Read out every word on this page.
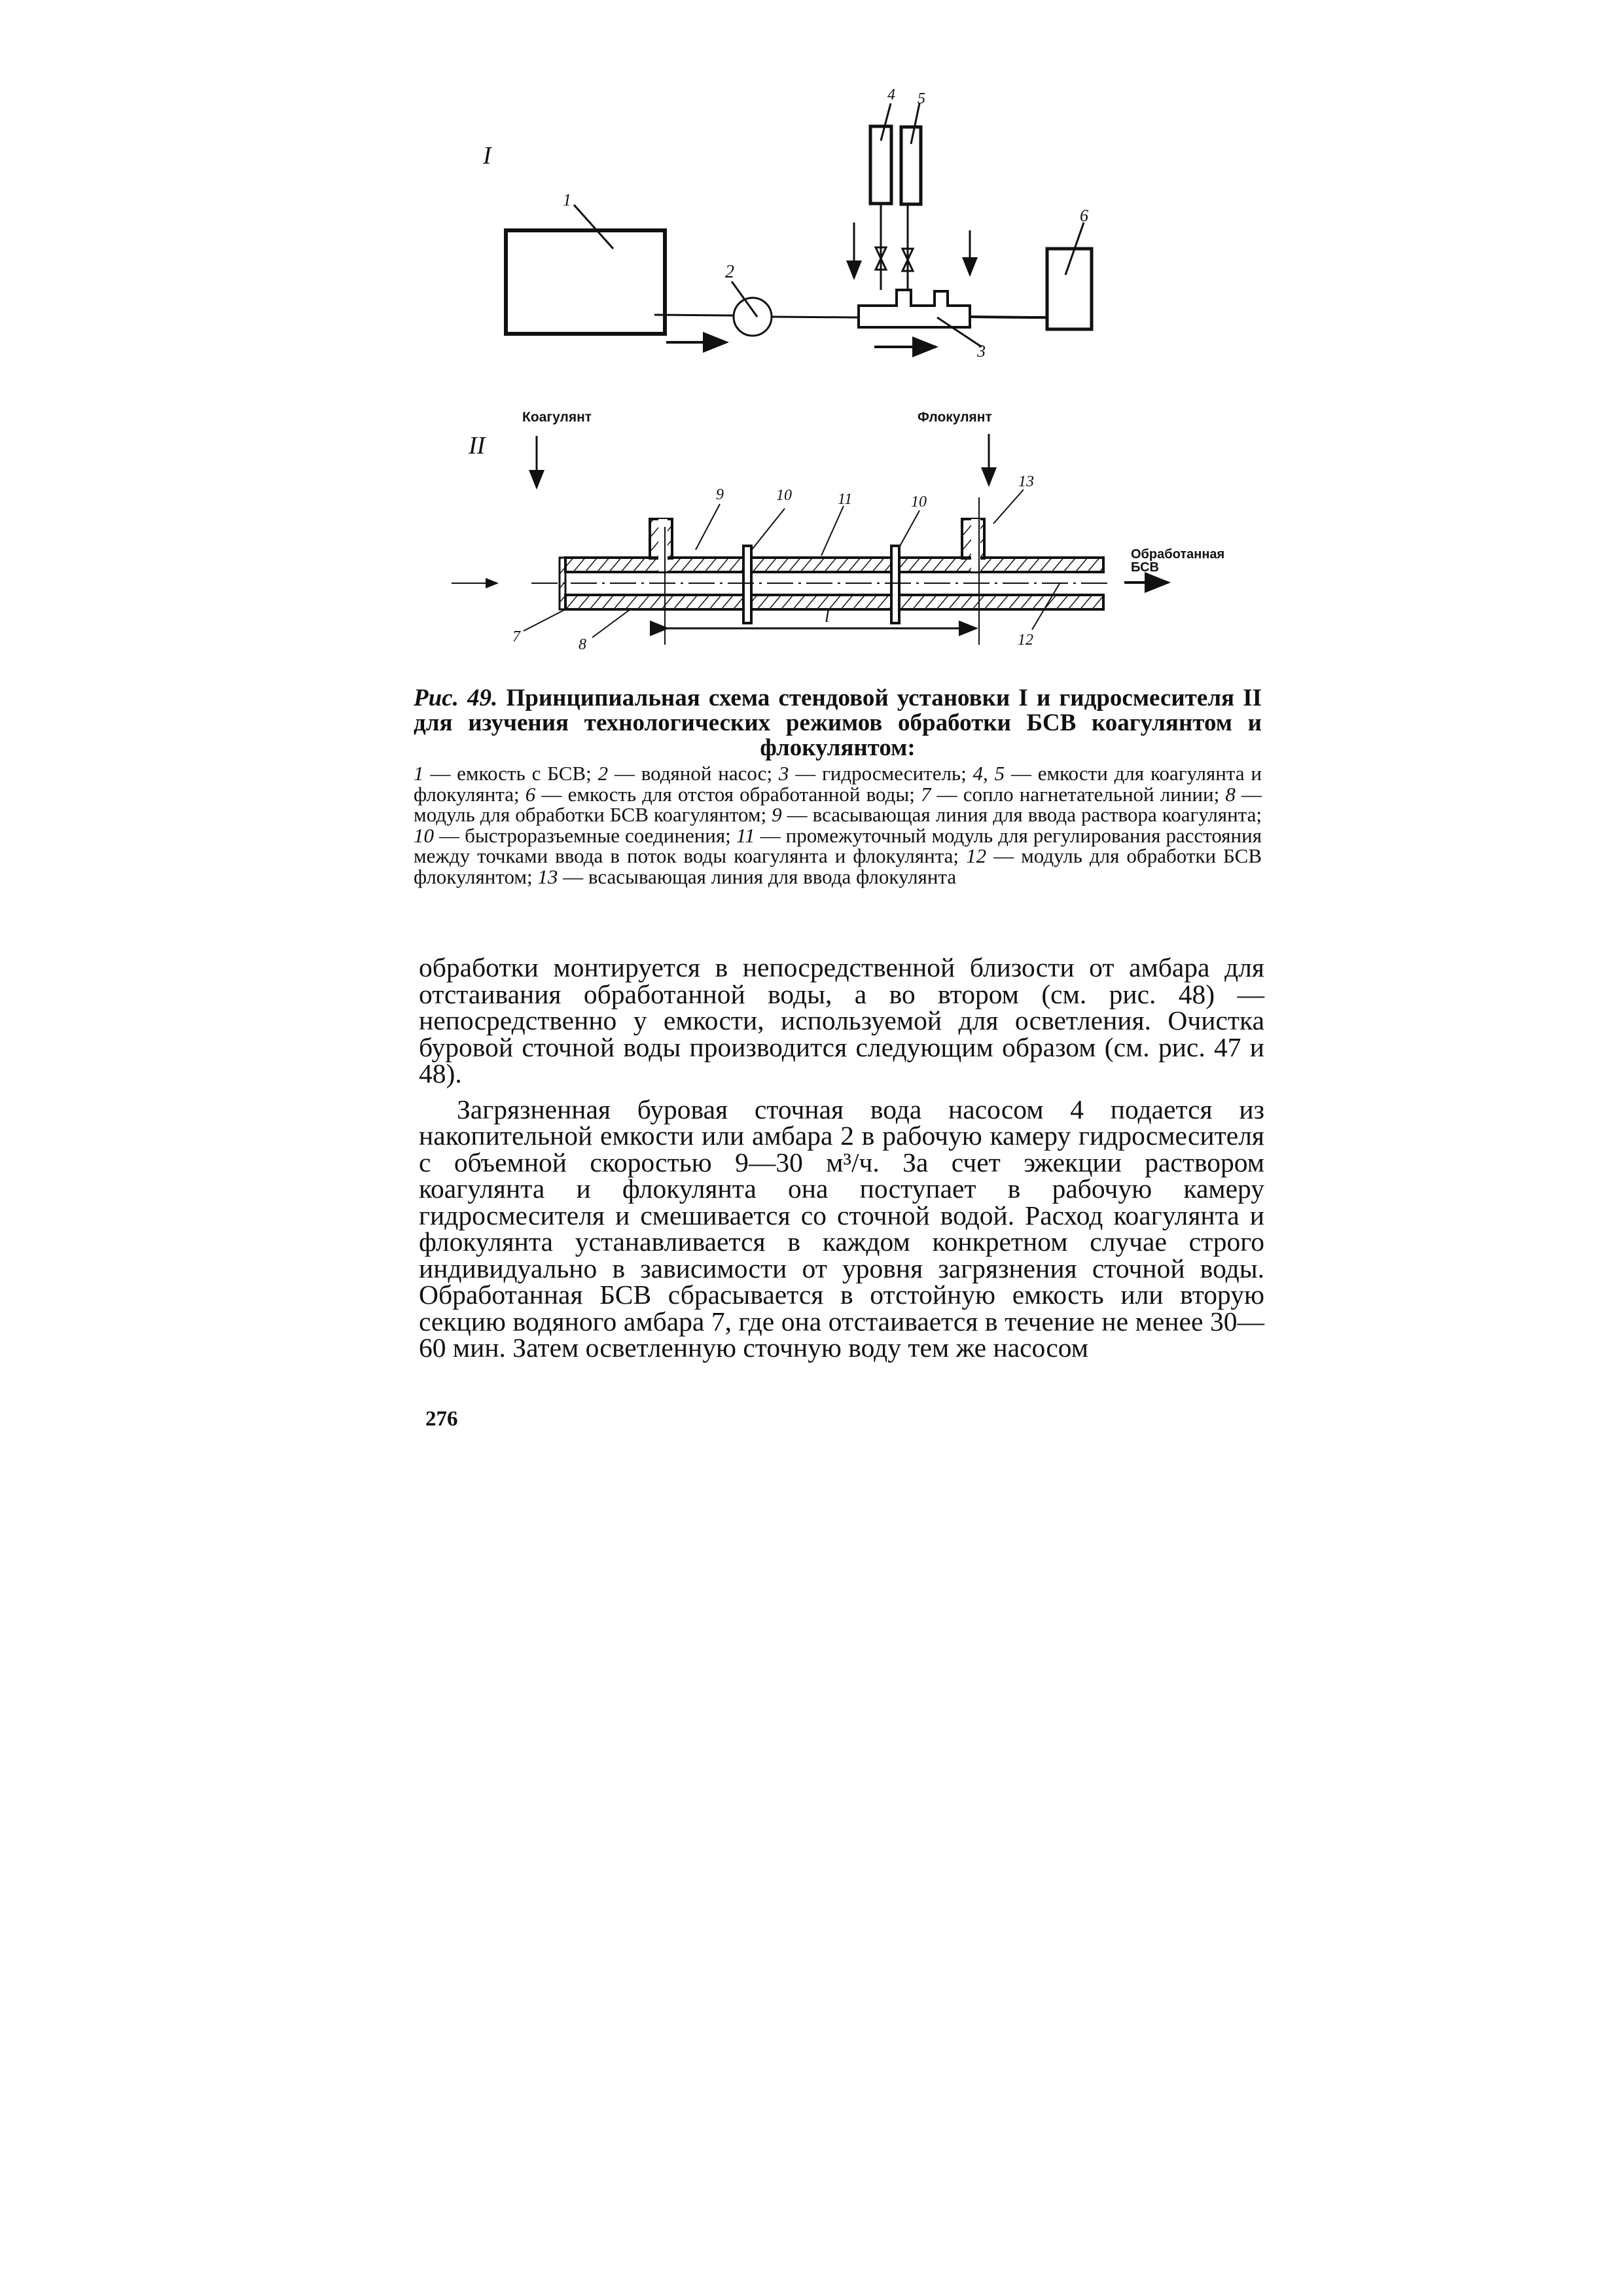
I
1
2
3
4 5
6
II
Коагулянт	Флокулянт
Обработанная
БСВ
l
7	8
9	10	11	10
12
13
Рис. 49. Принципиальная схема стендовой установки I и гидросмесителя II для изучения технологических режимов обработки БСВ коагулянтом и флокулянтом:
1 — емкость с БСВ; 2 — водяной насос; 3 — гидросмеситель; 4, 5 — емкости для коагулянта и флокулянта; 6 — емкость для отстоя обработанной воды; 7 — сопло нагнетательной линии; 8 — модуль для обработки БСВ коагулянтом; 9 — всасывающая линия для ввода раствора коагулянта; 10 — быстроразъемные соединения; 11 — промежуточный модуль для регулирования расстояния между точками ввода в поток воды коагулянта и флокулянта; 12 — модуль для обработки БСВ флокулянтом; 13 — всасывающая линия для ввода флокулянта

обработки монтируется в непосредственной близости от амбара для отстаивания обработанной воды, а во втором (см. рис. 48) — непосредственно у емкости, используемой для осветления. Очистка буровой сточной воды производится следующим образом (см. рис. 47 и 48).

Загрязненная буровая сточная вода насосом 4 подается из накопительной емкости или амбара 2 в рабочую камеру гидросмесителя с объемной скоростью 9—30 м³/ч. За счет эжекции раствором коагулянта и флокулянта она поступает в рабочую камеру гидросмесителя и смешивается со сточной водой. Расход коагулянта и флокулянта устанавливается в каждом конкретном случае строго индивидуально в зависимости от уровня загрязнения сточной воды. Обработанная БСВ сбрасывается в отстойную емкость или вторую секцию водяного амбара 7, где она отстаивается в течение не менее 30—60 мин. Затем осветленную сточную воду тем же насосом

276
